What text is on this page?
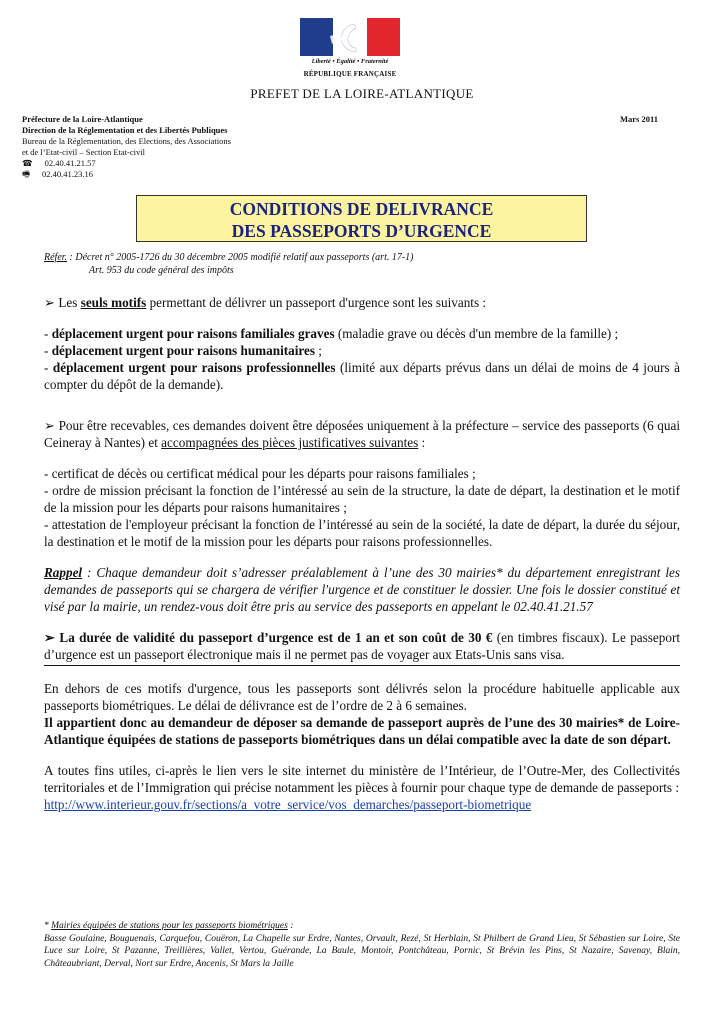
Liberté • Égalité • Fraternité
RÉPUBLIQUE FRANÇAISE
PREFET DE LA LOIRE-ATLANTIQUE
Préfecture de la Loire-Atlantique
Direction de la Réglementation et des Libertés Publiques
Bureau de la Réglementation, des Elections, des Associations
et de l’Etat-civil – Section Etat-civil
☎ 02.40.41.21.57
🖷 02.40.41.23.16
Mars 2011
CONDITIONS DE DELIVRANCE
DES PASSEPORTS D’URGENCE
Réfer. : Décret n° 2005-1726 du 30 décembre 2005 modifié relatif aux passeports (art. 17-1)
Art. 953 du code général des impôts

➢ Les seuls motifs permettant de délivrer un passeport d'urgence sont les suivants :

- déplacement urgent pour raisons familiales graves (maladie grave ou décès d'un membre de la famille) ;

- déplacement urgent pour raisons humanitaires ;

- déplacement urgent pour raisons professionnelles (limité aux départs prévus dans un délai de moins de 4 jours à compter du dépôt de la demande).

➢ Pour être recevables, ces demandes doivent être déposées uniquement à la préfecture – service des passeports (6 quai Ceineray à Nantes) et accompagnées des pièces justificatives suivantes :

- certificat de décès ou certificat médical pour les départs pour raisons familiales ;

- ordre de mission précisant la fonction de l’intéressé au sein de la structure, la date de départ, la destination et le motif de la mission pour les départs pour raisons humanitaires ;

- attestation de l'employeur précisant la fonction de l’intéressé au sein de la société, la date de départ, la durée du séjour, la destination et le motif de la mission pour les départs pour raisons professionnelles.

Rappel : Chaque demandeur doit s’adresser préalablement à l’une des 30 mairies* du département enregistrant les demandes de passeports qui se chargera de vérifier l'urgence et de constituer le dossier. Une fois le dossier constitué et visé par la mairie, un rendez-vous doit être pris au service des passeports en appelant le 02.40.41.21.57

➢ La durée de validité du passeport d’urgence est de 1 an et son coût de 30 € (en timbres fiscaux). Le passeport d’urgence est un passeport électronique mais il ne permet pas de voyager aux Etats-Unis sans visa.

En dehors de ces motifs d'urgence, tous les passeports sont délivrés selon la procédure habituelle applicable aux passeports biométriques. Le délai de délivrance est de l’ordre de 2 à 6 semaines.

Il appartient donc au demandeur de déposer sa demande de passeport auprès de l’une des 30 mairies* de Loire-Atlantique équipées de stations de passeports biométriques dans un délai compatible avec la date de son départ.

A toutes fins utiles, ci-après le lien vers le site internet du ministère de l’Intérieur, de l’Outre-Mer, des Collectivités territoriales et de l’Immigration qui précise notamment les pièces à fournir pour chaque type de demande de passeports :

http://www.interieur.gouv.fr/sections/a_votre_service/vos_demarches/passeport-biometrique

* Mairies équipées de stations pour les passeports biométriques :

Basse Goulaine, Bouguenais, Carquefou, Couëron, La Chapelle sur Erdre, Nantes, Orvault, Rezé, St Herblain, St Philbert de Grand Lieu, St Sébastien sur Loire, Ste Luce sur Loire, St Pazanne, Treillières, Vallet, Vertou, Guérande, La Baule, Montoir, Pontchâteau, Pornic, St Brévin les Pins, St Nazaire, Savenay, Blain, Châteaubriant, Derval, Nort sur Erdre, Ancenis, St Mars la Jaille
